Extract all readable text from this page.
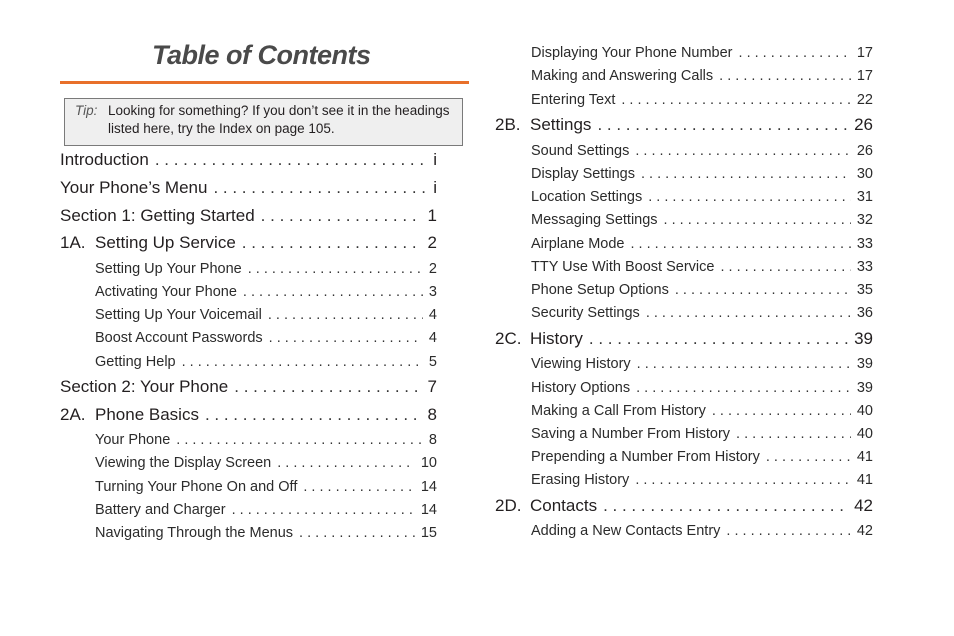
Table of Contents
Tip: Looking for something? If you don’t see it in the headings listed here, try the Index on page 105.
Introduction . . .	i
Your Phone’s Menu . . .	i
Section 1: Getting Started . . .	1
1A. Setting Up Service . . .	2
Setting Up Your Phone . . .	2
Activating Your Phone . . .	3
Setting Up Your Voicemail . . .	4
Boost Account Passwords . . .	4
Getting Help . . .	5
Section 2: Your Phone . . .	7
2A. Phone Basics . . .	8
Your Phone . . .	8
Viewing the Display Screen . . .	10
Turning Your Phone On and Off . . .	14
Battery and Charger . . .	14
Navigating Through the Menus . . .	15
Displaying Your Phone Number . . .	17
Making and Answering Calls . . .	17
Entering Text . . .	22
2B. Settings . . .	26
Sound Settings . . .	26
Display Settings . . .	30
Location Settings . . .	31
Messaging Settings . . .	32
Airplane Mode . . .	33
TTY Use With Boost Service . . .	33
Phone Setup Options . . .	35
Security Settings . . .	36
2C. History . . .	39
Viewing History . . .	39
History Options . . .	39
Making a Call From History . . .	40
Saving a Number From History . . .	40
Prepending a Number From History . . .	41
Erasing History . . .	41
2D. Contacts . . .	42
Adding a New Contacts Entry . . .	42
